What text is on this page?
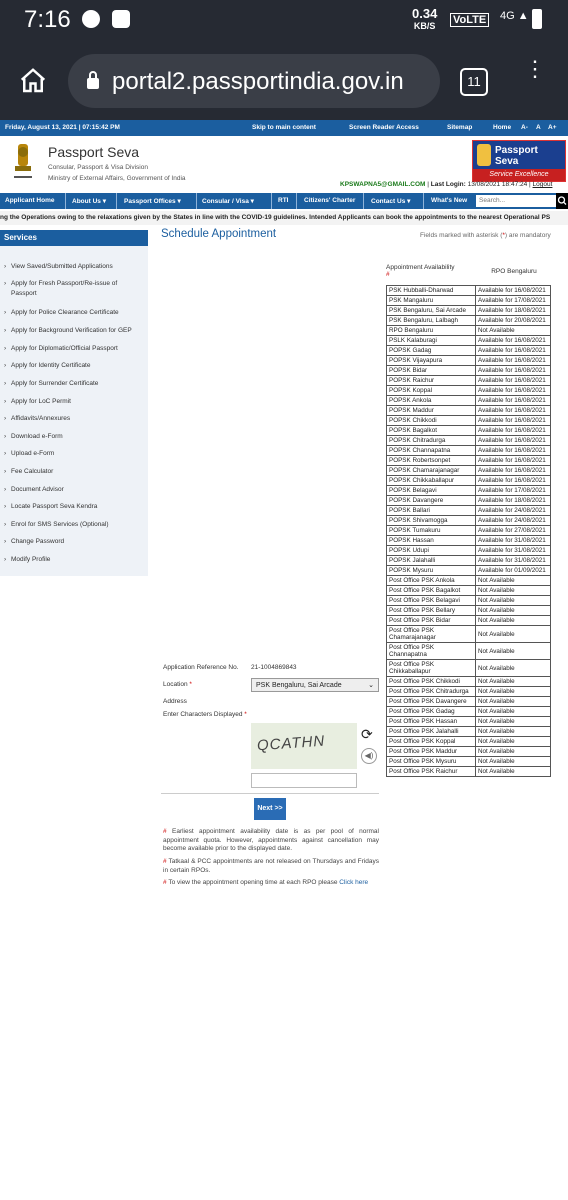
7:16	0.34
KB/S VoLTE 4G ▲
portal2.passportindia.gov.in	11
⋮
Friday, August 13, 2021 | 07:15:42 PM	Skip to main content	Screen Reader Access	Sitemap	Home A- A A+
Passport Seva
Consular, Passport & Visa Division
Ministry of External Affairs, Government of India
Passport
Seva
Service Excellence
KPSWAPNA5@GMAIL.COM | Last Login: 13/08/2021 18:47:24 | Logout
Applicant Home	About Us ▾	Passport Offices ▾	Consular / Visa ▾	RTI Citizens' Charter Contact Us ▾	What's New	Search...
ng the Operations owing to the relaxations given by the States in line with the COVID-19 guidelines. Intended Applicants can book the appointments to the nearest Operational PS
Services
› View Saved/Submitted Applications
› Apply for Fresh Passport/Re-issue of Passport
› Apply for Police Clearance Certificate
› Apply for Background Verification for GEP
› Apply for Diplomatic/Official Passport
› Apply for Identity Certificate
› Apply for Surrender Certificate
› Apply for LoC Permit
› Affidavits/Annexures
› Download e-Form
› Upload e-Form
› Fee Calculator
› Document Advisor
› Locate Passport Seva Kendra
› Enrol for SMS Services (Optional)
› Change Password
› Modify Profile
Schedule Appointment	Fields marked with asterisk (*) are mandatory
Application Reference No. 21-1004869843
Location *	PSK Bengaluru, Sai Arcade	⌄
Address
Enter Characters Displayed *
QCATHN	⟳
◀)
Next >>
# Earliest appointment availability date is as per pool of normal appointment quota. However, appointments against cancellation may become available prior to the displayed date.
# Tatkaal & PCC appointments are not released on Thursdays and Fridays in certain RPOs.
# To view the appointment opening time at each RPO please Click here
Appointment Availability
#	RPO Bengaluru
PSK Hubballi-Dharwad	Available for 16/08/2021
PSK Mangaluru	Available for 17/08/2021
PSK Bengaluru, Sai Arcade	Available for 18/08/2021
PSK Bengaluru, Lalbagh	Available for 20/08/2021
RPO Bengaluru	Not Available
PSLK Kalaburagi	Available for 16/08/2021
POPSK Gadag	Available for 16/08/2021
POPSK Vijayapura	Available for 16/08/2021
POPSK Bidar	Available for 16/08/2021
POPSK Raichur	Available for 16/08/2021
POPSK Koppal	Available for 16/08/2021
POPSK Ankola	Available for 16/08/2021
POPSK Maddur	Available for 16/08/2021
POPSK Chikkodi	Available for 16/08/2021
POPSK Bagalkot	Available for 16/08/2021
POPSK Chitradurga	Available for 16/08/2021
POPSK Channapatna	Available for 16/08/2021
POPSK Robertsonpet	Available for 16/08/2021
POPSK Chamarajanagar	Available for 16/08/2021
POPSK Chikkaballapur	Available for 16/08/2021
POPSK Belagavi	Available for 17/08/2021
POPSK Davangere	Available for 18/08/2021
POPSK Ballari	Available for 24/08/2021
POPSK Shivamogga	Available for 24/08/2021
POPSK Tumakuru	Available for 27/08/2021
POPSK Hassan	Available for 31/08/2021
POPSK Udupi	Available for 31/08/2021
POPSK Jalahalli	Available for 31/08/2021
POPSK Mysuru	Available for 01/09/2021
Post Office PSK Ankola	Not Available
Post Office PSK Bagalkot	Not Available
Post Office PSK Belagavi	Not Available
Post Office PSK Bellary	Not Available
Post Office PSK Bidar	Not Available
Post Office PSK Chamarajanagar	Not Available
Post Office PSK Channapatna	Not Available
Post Office PSK Chikkaballapur	Not Available
Post Office PSK Chikkodi	Not Available
Post Office PSK Chitradurga	Not Available
Post Office PSK Davangere	Not Available
Post Office PSK Gadag	Not Available
Post Office PSK Hassan	Not Available
Post Office PSK Jalahalli	Not Available
Post Office PSK Koppal	Not Available
Post Office PSK Maddur	Not Available
Post Office PSK Mysuru	Not Available
Post Office PSK Raichur	Not Available
